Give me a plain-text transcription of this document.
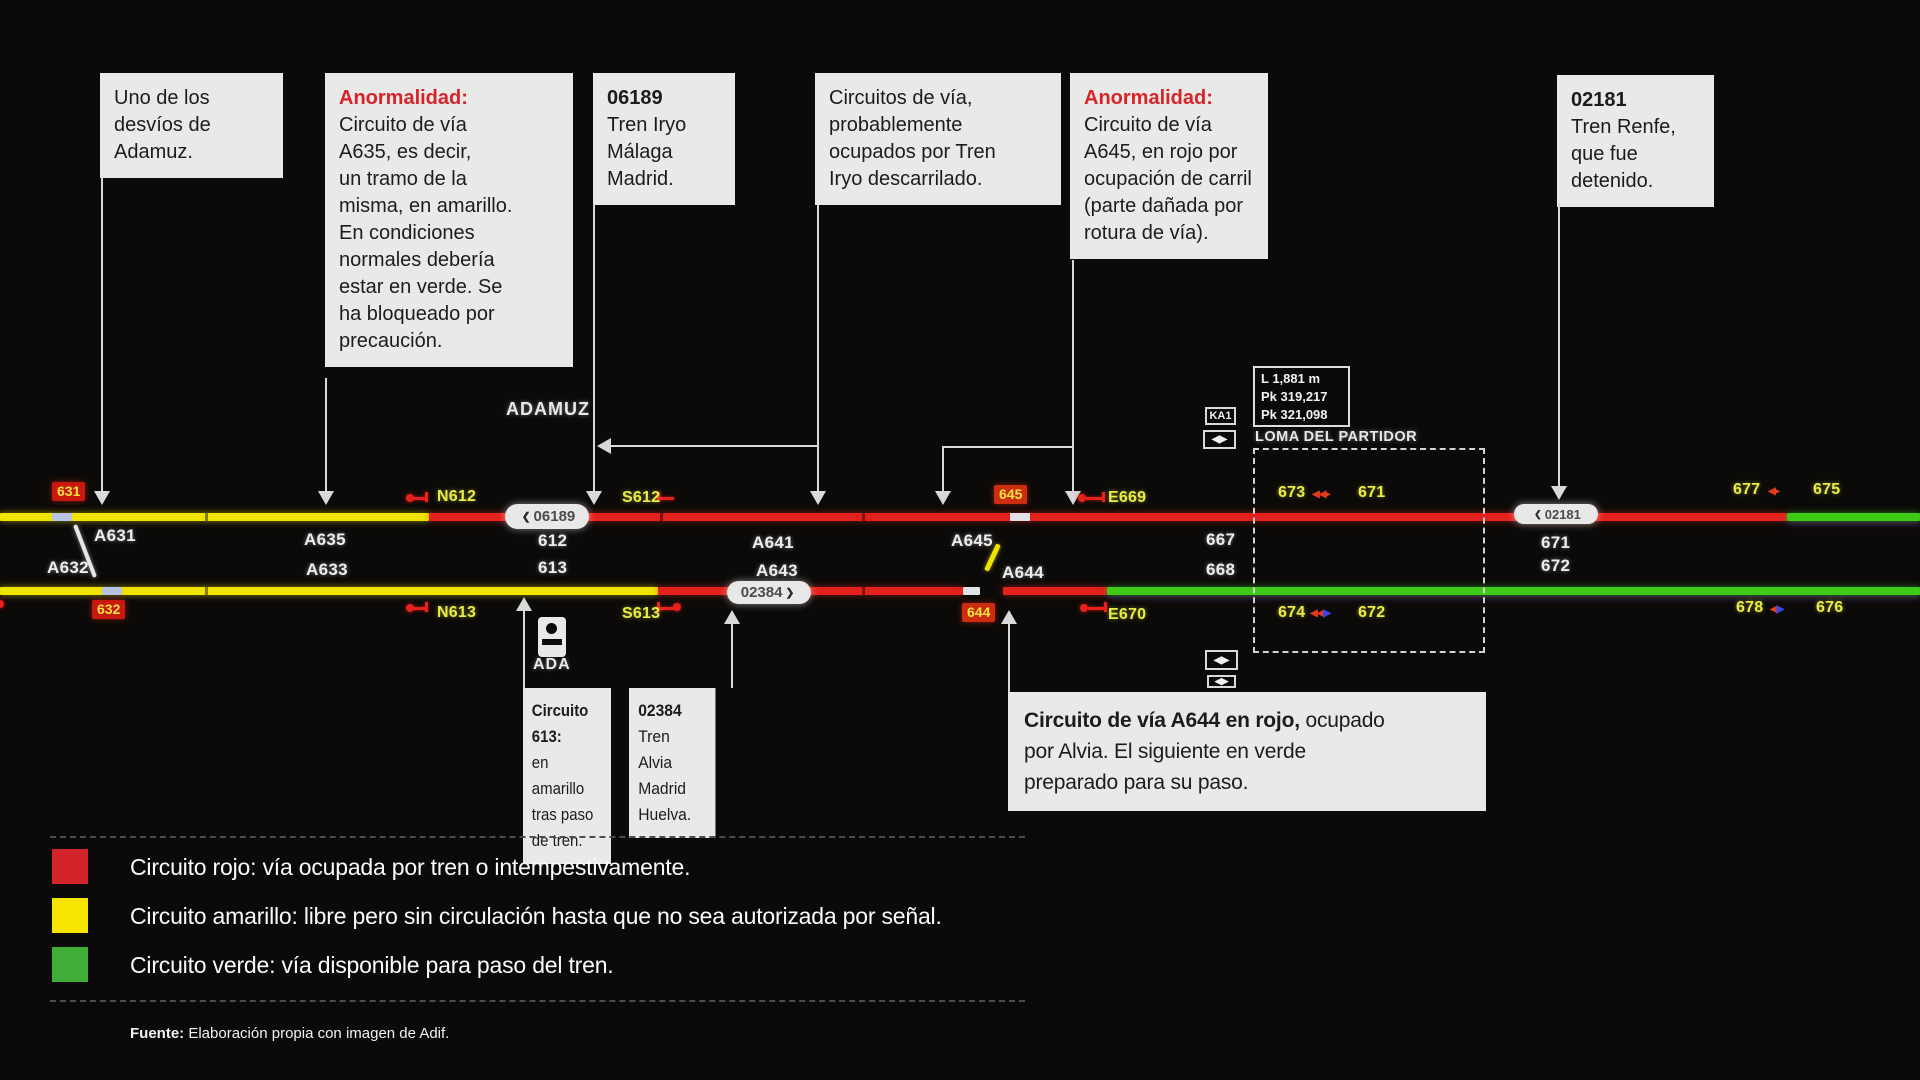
Uno de los
desvíos de
Adamuz.
Anormalidad:
Circuito de vía
A635, es decir,
un tramo de la
misma, en amarillo.
En condiciones
normales debería
estar en verde. Se
ha bloqueado por
precaución.
06189
Tren Iryo
Málaga
Madrid.
Circuitos de vía,
probablemente
ocupados por Tren
Iryo descarrilado.
Anormalidad:
Circuito de vía
A645, en rojo por
ocupación de carril
(parte dañada por
rotura de vía).
02181
Tren Renfe,
que fue
detenido.
Circuito 613:
en amarillo
tras paso
de tren.
02384
Tren Alvia
Madrid
Huelva.
Circuito de vía A644 en rojo, ocupado
por Alvia. El siguiente en verde
preparado para su paso.
631
632
645
644
A631
A632
A635
A633
612
613
A641
A643
A645
A644
667
668
671
672
N612	S612	E669	673	671	677	675
N613	S613	E670	674	672	678	676
◀◀▸
◀◀▶
◀▸
◀▶
❮
06189
02384
❯
❮
02181
ADAMUZ
LOMA DEL PARTIDOR
L 1,881 m
Pk 319,217
Pk 321,098
KA1
◀▶
◀▶
◀▶
ADA
Circuito rojo: vía ocupada por tren o intempestivamente.
Circuito amarillo: libre pero sin circulación hasta que no sea autorizada por señal.
Circuito verde: vía disponible para paso del tren.
Fuente: Elaboración propia con imagen de Adif.
